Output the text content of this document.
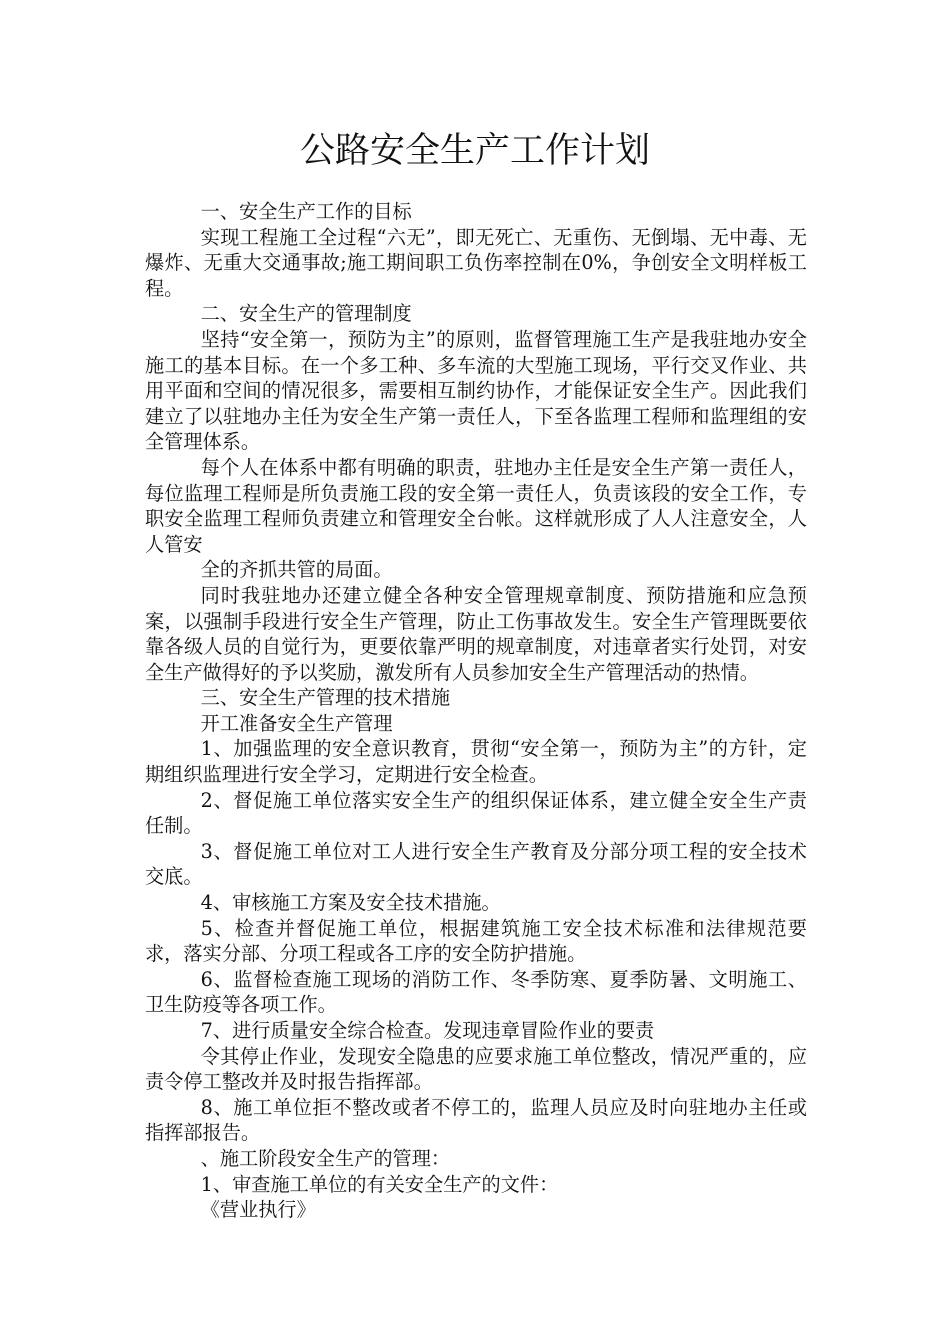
公路安全生产工作计划

一、安全生产工作的目标

实现工程施工全过程“六无”，即无死亡、无重伤、无倒塌、无中毒、无爆炸、无重大交通事故;施工期间职工负伤率控制在0%，争创安全文明样板工程。

二、安全生产的管理制度

坚持“安全第一，预防为主”的原则，监督管理施工生产是我驻地办安全施工的基本目标。在一个多工种、多车流的大型施工现场，平行交叉作业、共用平面和空间的情况很多，需要相互制约协作，才能保证安全生产。因此我们建立了以驻地办主任为安全生产第一责任人，下至各监理工程师和监理组的安全管理体系。

每个人在体系中都有明确的职责，驻地办主任是安全生产第一责任人，每位监理工程师是所负责施工段的安全第一责任人，负责该段的安全工作，专职安全监理工程师负责建立和管理安全台帐。这样就形成了人人注意安全，人人管安

全的齐抓共管的局面。

同时我驻地办还建立健全各种安全管理规章制度、预防措施和应急预案，以强制手段进行安全生产管理，防止工伤事故发生。安全生产管理既要依靠各级人员的自觉行为，更要依靠严明的规章制度，对违章者实行处罚，对安全生产做得好的予以奖励，激发所有人员参加安全生产管理活动的热情。

三、安全生产管理的技术措施

开工准备安全生产管理

1、加强监理的安全意识教育，贯彻“安全第一，预防为主”的方针，定期组织监理进行安全学习，定期进行安全检查。

2、督促施工单位落实安全生产的组织保证体系，建立健全安全生产责任制。

3、督促施工单位对工人进行安全生产教育及分部分项工程的安全技术交底。

4、审核施工方案及安全技术措施。

5、检查并督促施工单位，根据建筑施工安全技术标准和法律规范要求，落实分部、分项工程或各工序的安全防护措施。

6、监督检查施工现场的消防工作、冬季防寒、夏季防暑、文明施工、卫生防疫等各项工作。

7、进行质量安全综合检查。发现违章冒险作业的要责

令其停止作业，发现安全隐患的应要求施工单位整改，情况严重的，应责令停工整改并及时报告指挥部。

8、施工单位拒不整改或者不停工的，监理人员应及时向驻地办主任或指挥部报告。

、施工阶段安全生产的管理：

1、审查施工单位的有关安全生产的文件：

《营业执行》
